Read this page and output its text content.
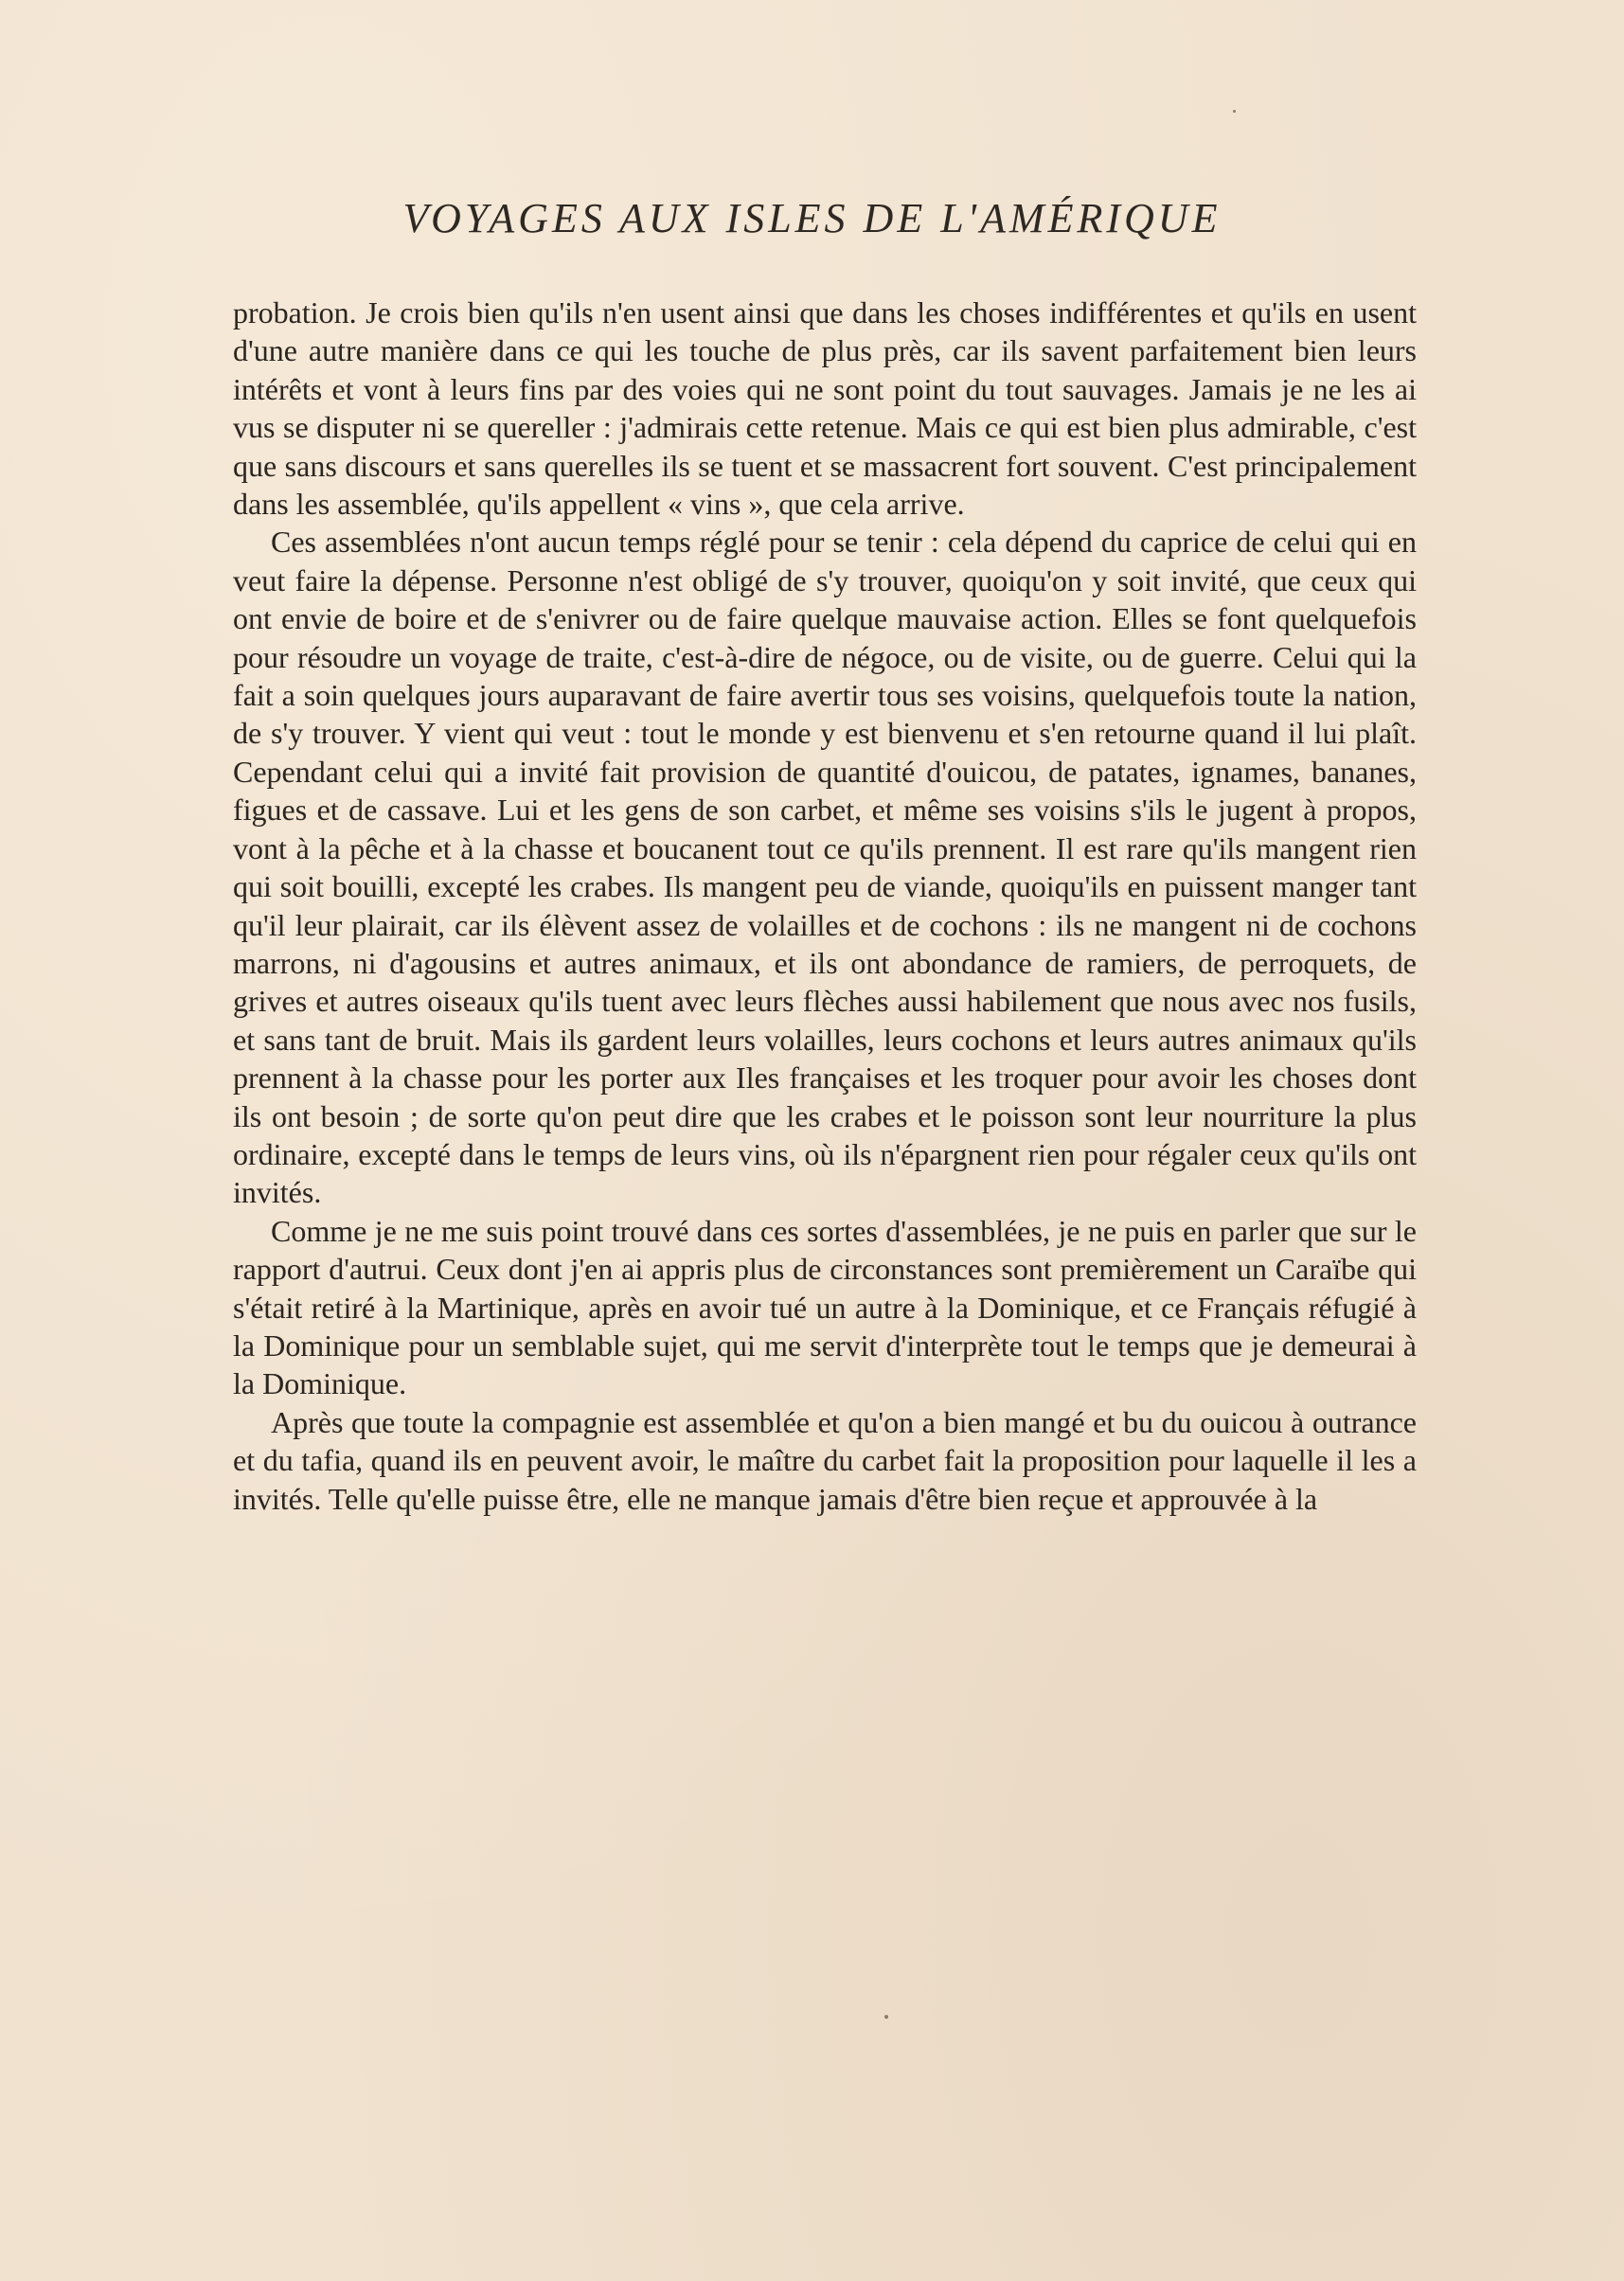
VOYAGES AUX ISLES DE L'AMÉRIQUE

probation. Je crois bien qu'ils n'en usent ainsi que dans les choses indifférentes et qu'ils en usent d'une autre manière dans ce qui les touche de plus près, car ils savent parfaitement bien leurs intérêts et vont à leurs fins par des voies qui ne sont point du tout sauvages. Jamais je ne les ai vus se disputer ni se quereller : j'admirais cette retenue. Mais ce qui est bien plus admirable, c'est que sans discours et sans querelles ils se tuent et se massacrent fort souvent. C'est principalement dans les assemblée, qu'ils appellent « vins », que cela arrive.

Ces assemblées n'ont aucun temps réglé pour se tenir : cela dépend du caprice de celui qui en veut faire la dépense. Personne n'est obligé de s'y trouver, quoiqu'on y soit invité, que ceux qui ont envie de boire et de s'enivrer ou de faire quelque mauvaise action. Elles se font quelquefois pour résoudre un voyage de traite, c'est-à-dire de négoce, ou de visite, ou de guerre. Celui qui la fait a soin quelques jours auparavant de faire avertir tous ses voisins, quelquefois toute la nation, de s'y trouver. Y vient qui veut : tout le monde y est bienvenu et s'en retourne quand il lui plaît. Cependant celui qui a invité fait provision de quantité d'ouicou, de patates, ignames, bananes, figues et de cassave. Lui et les gens de son carbet, et même ses voisins s'ils le jugent à propos, vont à la pêche et à la chasse et boucanent tout ce qu'ils prennent. Il est rare qu'ils mangent rien qui soit bouilli, excepté les crabes. Ils mangent peu de viande, quoiqu'ils en puissent manger tant qu'il leur plairait, car ils élèvent assez de volailles et de cochons : ils ne mangent ni de cochons marrons, ni d'agousins et autres animaux, et ils ont abondance de ramiers, de perroquets, de grives et autres oiseaux qu'ils tuent avec leurs flèches aussi habilement que nous avec nos fusils, et sans tant de bruit. Mais ils gardent leurs volailles, leurs cochons et leurs autres animaux qu'ils prennent à la chasse pour les porter aux Iles françaises et les troquer pour avoir les choses dont ils ont besoin ; de sorte qu'on peut dire que les crabes et le poisson sont leur nourriture la plus ordinaire, excepté dans le temps de leurs vins, où ils n'épargnent rien pour régaler ceux qu'ils ont invités.

Comme je ne me suis point trouvé dans ces sortes d'assemblées, je ne puis en parler que sur le rapport d'autrui. Ceux dont j'en ai appris plus de circonstances sont premièrement un Caraïbe qui s'était retiré à la Martinique, après en avoir tué un autre à la Dominique, et ce Français réfugié à la Dominique pour un semblable sujet, qui me servit d'interprète tout le temps que je demeurai à la Dominique.

Après que toute la compagnie est assemblée et qu'on a bien mangé et bu du ouicou à outrance et du tafia, quand ils en peuvent avoir, le maître du carbet fait la proposition pour laquelle il les a invités. Telle qu'elle puisse être, elle ne manque jamais d'être bien reçue et approuvée à la
